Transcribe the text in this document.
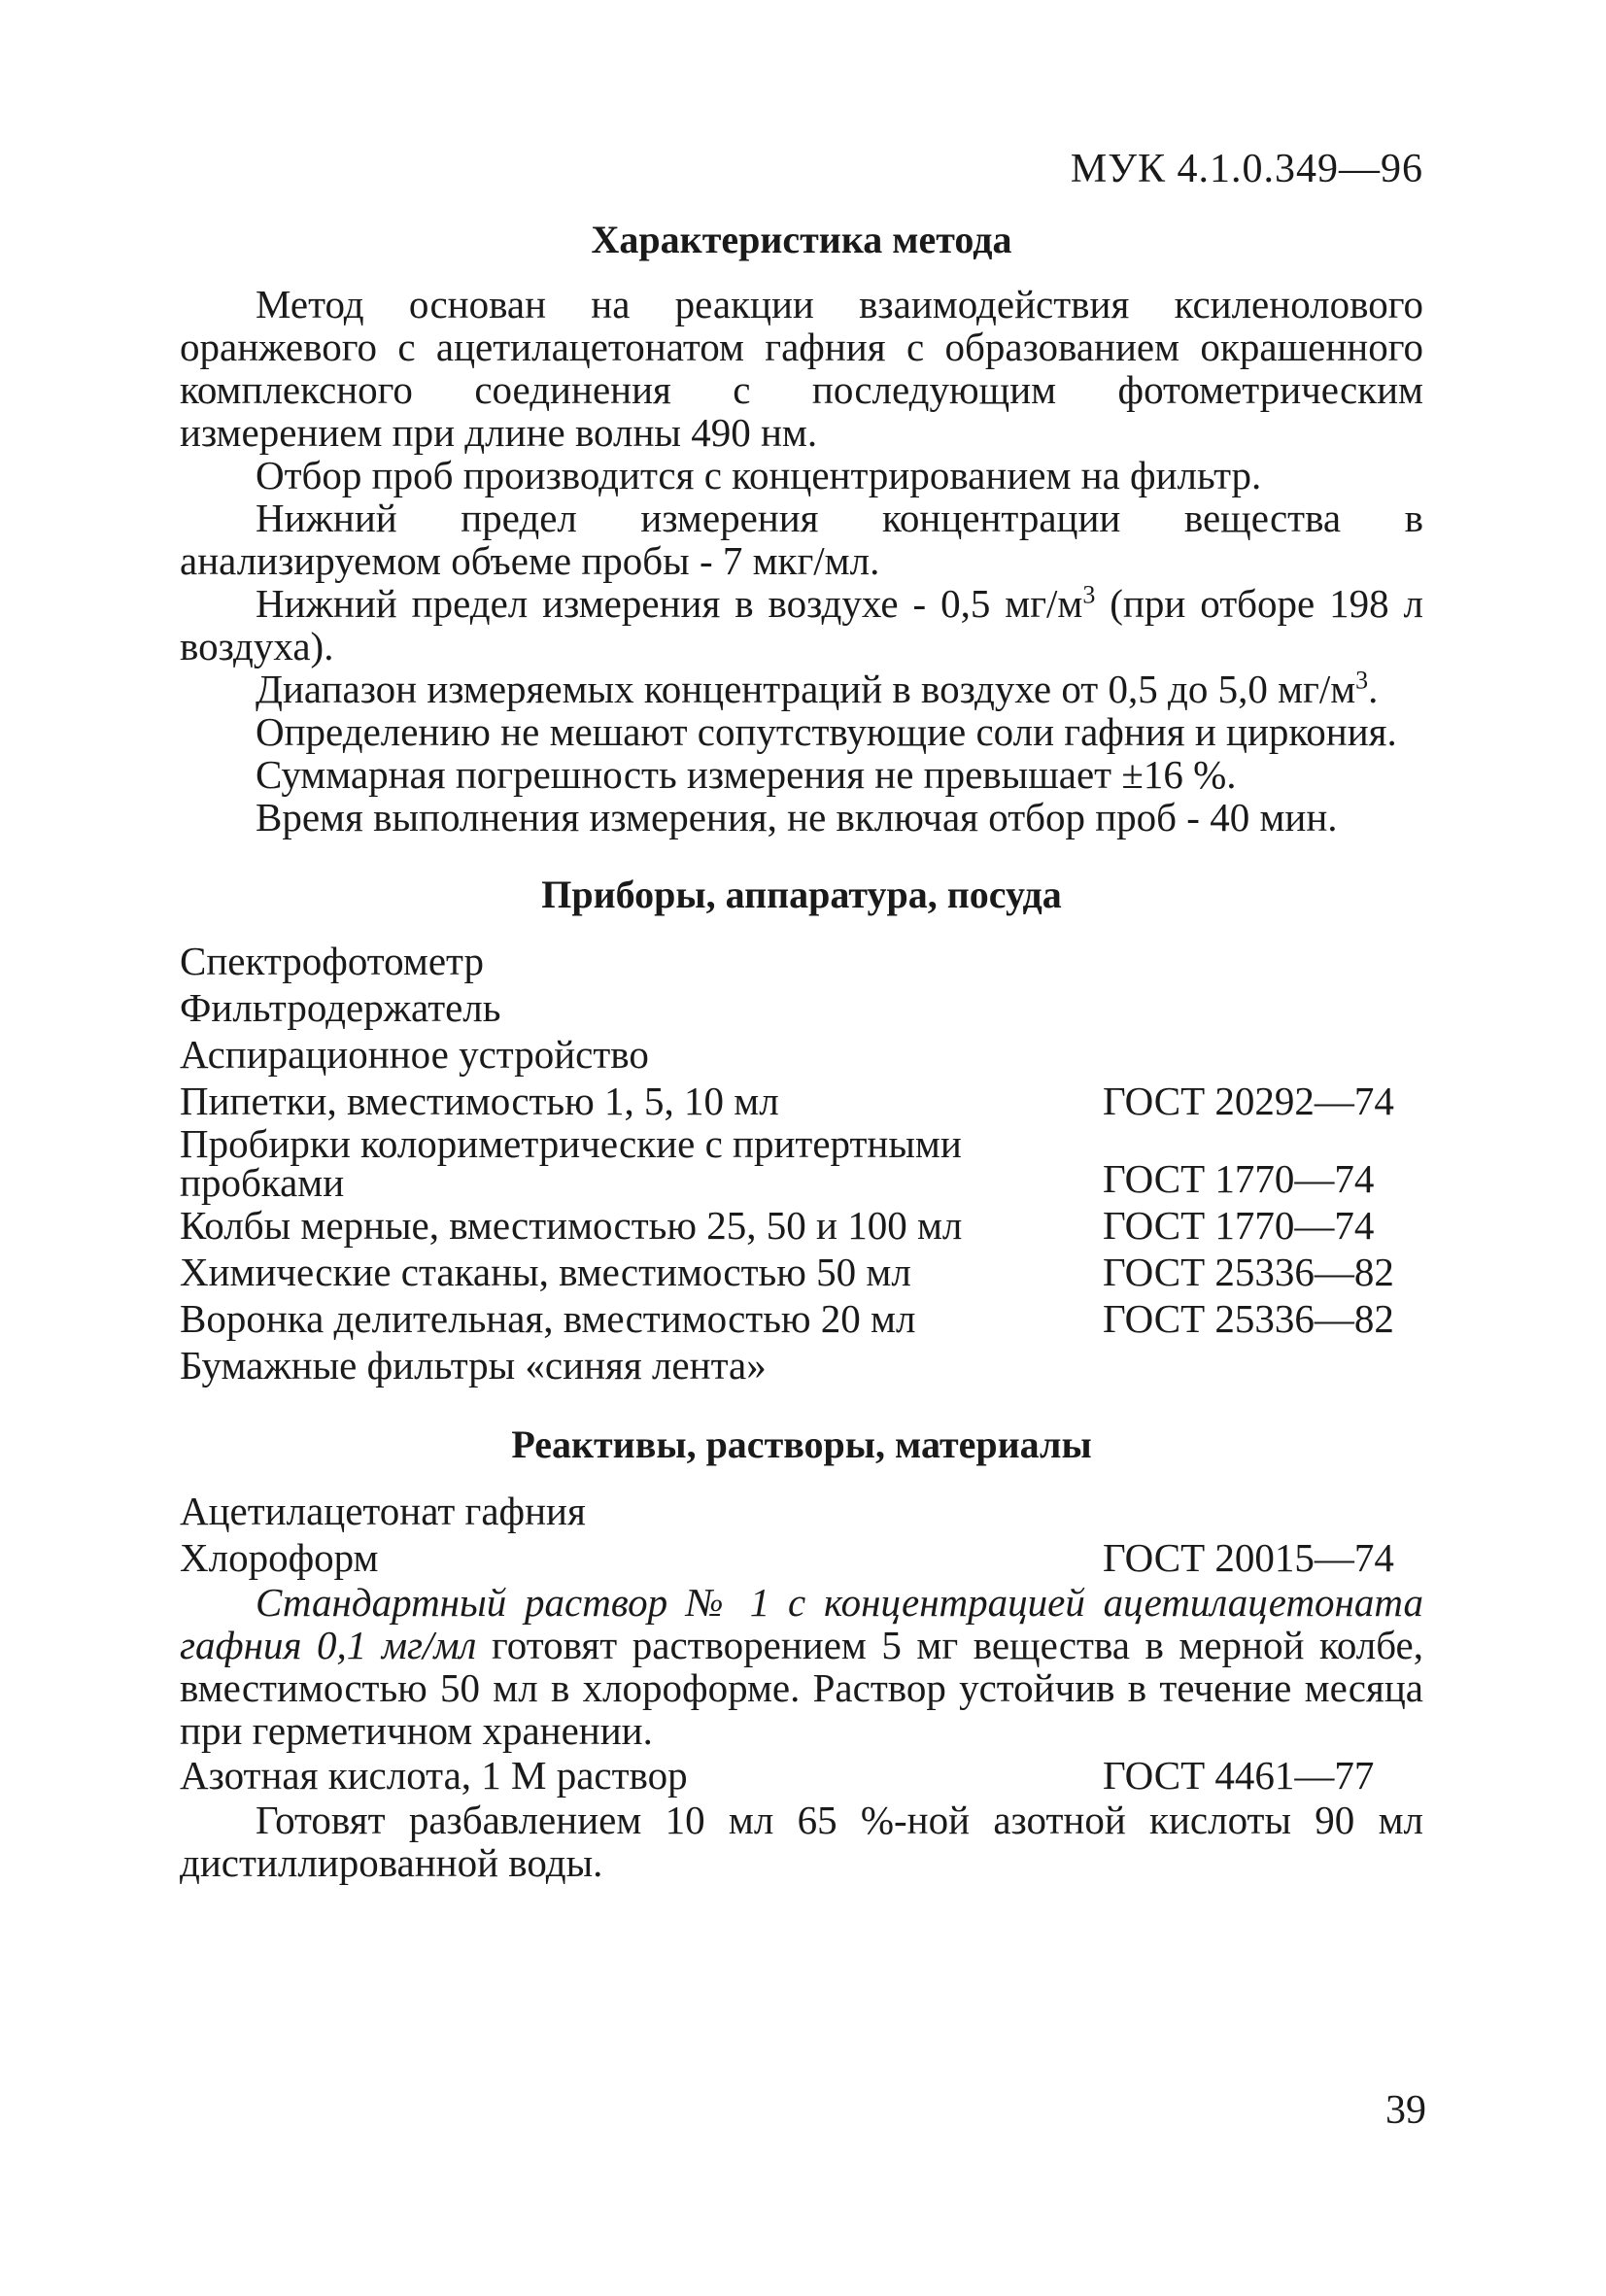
МУК 4.1.0.349—96
Характеристика метода

Метод основан на реакции взаимодействия ксиленолового оранжевого с ацетилацетонатом гафния с образованием окрашенного комплексного соединения с последующим фотометрическим измерением при длине волны 490 нм.

Отбор проб производится с концентрированием на фильтр.

Нижний предел измерения концентрации вещества в анализируемом объеме пробы - 7 мкг/мл.

Нижний предел измерения в воздухе - 0,5 $мг/м^3$ (при отборе 198 л воздуха).

Диапазон измеряемых концентраций в воздухе от 0,5 до 5,0 $мг/м^3$.

Определению не мешают сопутствующие соли гафния и циркония.

Суммарная погрешность измерения не превышает ±16 %.

Время выполнения измерения, не включая отбор проб - 40 мин.

Приборы, аппаратура, посуда
Спектрофотометр
Фильтродержатель
Аспирационное устройство
Пипетки, вместимостью 1, 5, 10 мл	ГОСТ 20292—74
Пробирки колориметрические с притертными пробками	ГОСТ 1770—74
Колбы мерные, вместимостью 25, 50 и 100 мл	ГОСТ 1770—74
Химические стаканы, вместимостью 50 мл	ГОСТ 25336—82
Воронка делительная, вместимостью 20 мл	ГОСТ 25336—82
Бумажные фильтры «синяя лента»
Реактивы, растворы, материалы
Ацетилацетонат гафния
Хлороформ	ГОСТ 20015—74

Стандартный раствор № 1 с концентрацией ацетилацетоната гафния 0,1 мг/мл готовят растворением 5 мг вещества в мерной колбе, вместимостью 50 мл в хлороформе. Раствор устойчив в течение месяца при герметичном хранении.

Азотная кислота, 1 М раствор	ГОСТ 4461—77

Готовят разбавлением 10 мл 65 %-ной азотной кислоты 90 мл дистиллированной воды.

39
